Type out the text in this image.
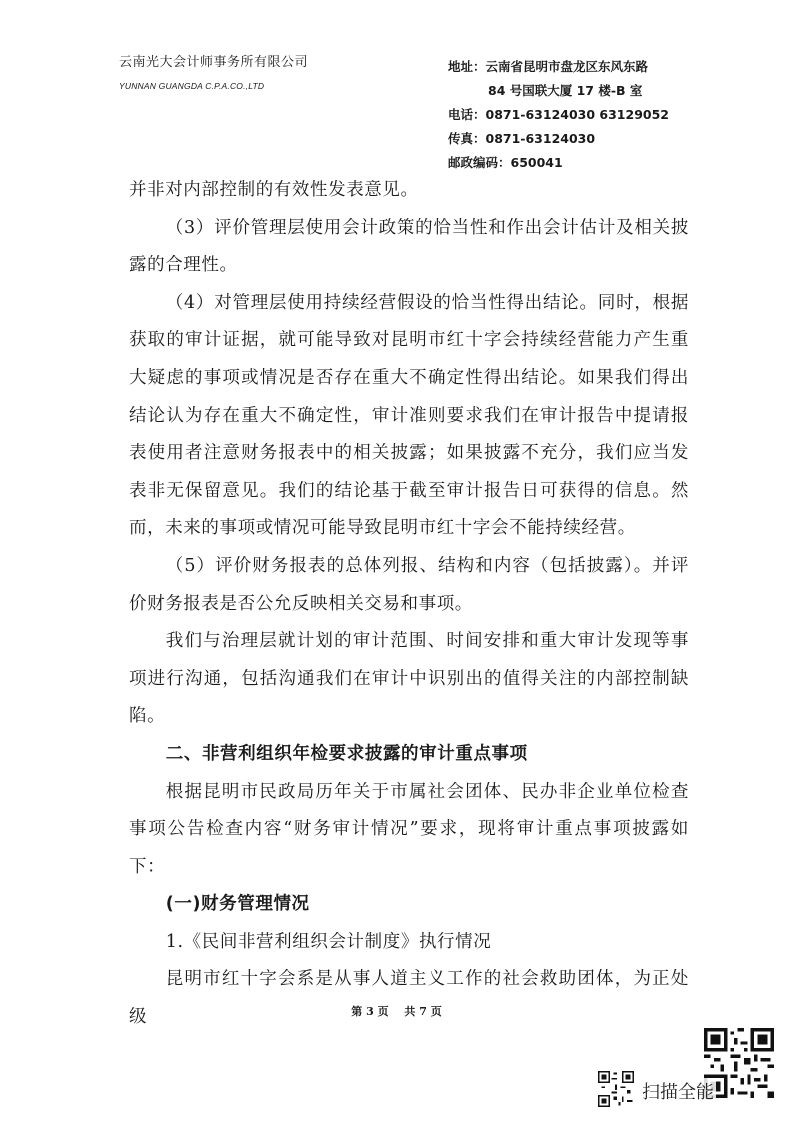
云南光大会计师事务所有限公司
YUNNAN GUANGDA C.P.A.CO.,LTD
地址：云南省昆明市盘龙区东风东路
84 号国联大厦 17 楼-B 室
电话：0871-63124030 63129052
传真：0871-63124030
邮政编码：650041

并非对内部控制的有效性发表意见。

（3）评价管理层使用会计政策的恰当性和作出会计估计及相关披露的合理性。

（4）对管理层使用持续经营假设的恰当性得出结论。同时，根据获取的审计证据，就可能导致对昆明市红十字会持续经营能力产生重大疑虑的事项或情况是否存在重大不确定性得出结论。如果我们得出结论认为存在重大不确定性，审计准则要求我们在审计报告中提请报表使用者注意财务报表中的相关披露；如果披露不充分，我们应当发表非无保留意见。我们的结论基于截至审计报告日可获得的信息。然而，未来的事项或情况可能导致昆明市红十字会不能持续经营。

（5）评价财务报表的总体列报、结构和内容（包括披露）。并评价财务报表是否公允反映相关交易和事项。

我们与治理层就计划的审计范围、时间安排和重大审计发现等事项进行沟通，包括沟通我们在审计中识别出的值得关注的内部控制缺陷。

二、非营利组织年检要求披露的审计重点事项

根据昆明市民政局历年关于市属社会团体、民办非企业单位检查事项公告检查内容“财务审计情况”要求，现将审计重点事项披露如下：

(一)财务管理情况

1.《民间非营利组织会计制度》执行情况

昆明市红十字会系是从事人道主义工作的社会救助团体，为正处级	第 3 页 共 7 页
扫描全能
